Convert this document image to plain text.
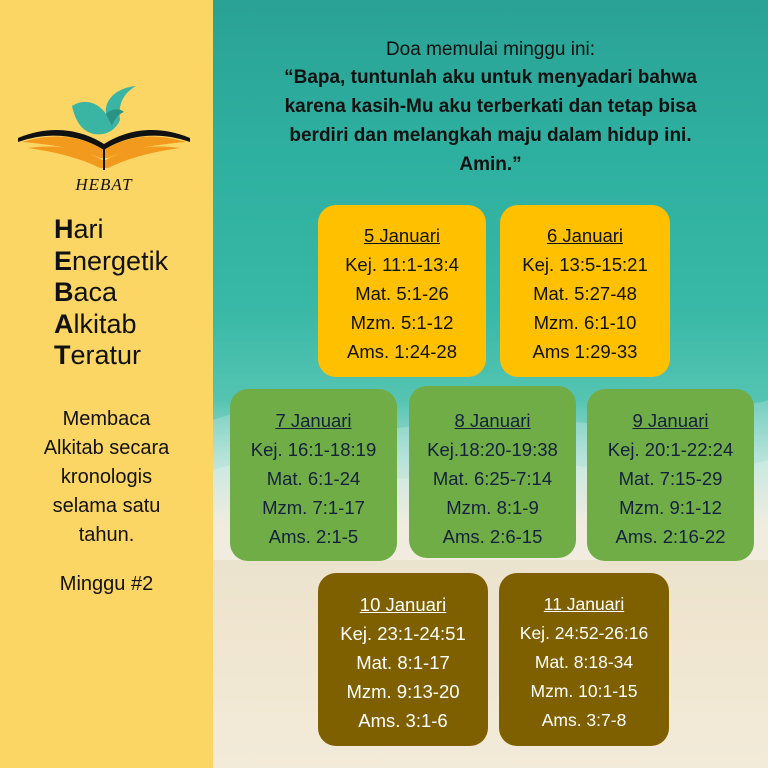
HEBAT
Hari
Energetik
Baca
Alkitab
Teratur
Membaca
Alkitab secara
kronologis
selama satu
tahun.
Minggu #2
Doa memulai minggu ini:
“Bapa, tuntunlah aku untuk menyadari bahwa
karena kasih-Mu aku terberkati dan tetap bisa
berdiri dan melangkah maju dalam hidup ini.
Amin.”
5 Januari
Kej. 11:1-13:4
Mat. 5:1-26
Mzm. 5:1-12
Ams. 1:24-28
6 Januari
Kej. 13:5-15:21
Mat. 5:27-48
Mzm. 6:1-10
Ams 1:29-33
7 Januari
Kej. 16:1-18:19
Mat. 6:1-24
Mzm. 7:1-17
Ams. 2:1-5
8 Januari
Kej.18:20-19:38
Mat. 6:25-7:14
Mzm. 8:1-9
Ams. 2:6-15
9 Januari
Kej. 20:1-22:24
Mat. 7:15-29
Mzm. 9:1-12
Ams. 2:16-22
10 Januari
Kej. 23:1-24:51
Mat. 8:1-17
Mzm. 9:13-20
Ams. 3:1-6
11 Januari
Kej. 24:52-26:16
Mat. 8:18-34
Mzm. 10:1-15
Ams. 3:7-8
